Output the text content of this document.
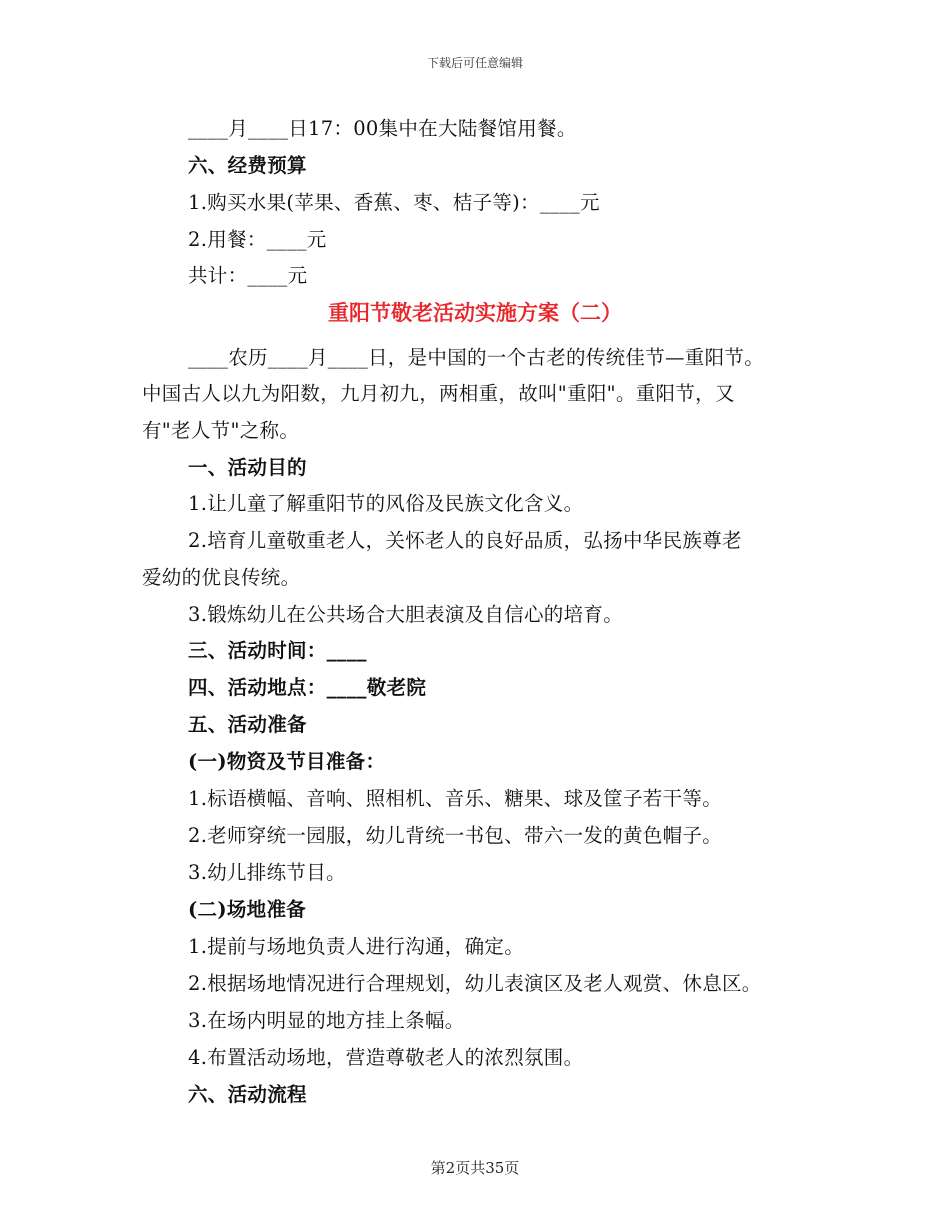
下载后可任意编辑
____月____日17：00集中在大陆餐馆用餐。
六、经费预算
1.购买水果(苹果、香蕉、枣、桔子等)：____元
2.用餐：____元
共计：____元
重阳节敬老活动实施方案（二）
____农历____月____日，是中国的一个古老的传统佳节—重阳节。
中国古人以九为阳数，九月初九，两相重，故叫"重阳"。重阳节，又
有"老人节"之称。
一、活动目的
1.让儿童了解重阳节的风俗及民族文化含义。
2.培育儿童敬重老人，关怀老人的良好品质，弘扬中华民族尊老
爱幼的优良传统。
3.锻炼幼儿在公共场合大胆表演及自信心的培育。
三、活动时间：____
四、活动地点：____敬老院
五、活动准备
(一)物资及节目准备：
1.标语横幅、音响、照相机、音乐、糖果、球及筐子若干等。
2.老师穿统一园服，幼儿背统一书包、带六一发的黄色帽子。
3.幼儿排练节目。
(二)场地准备
1.提前与场地负责人进行沟通，确定。
2.根据场地情况进行合理规划，幼儿表演区及老人观赏、休息区。
3.在场内明显的地方挂上条幅。
4.布置活动场地，营造尊敬老人的浓烈氛围。
六、活动流程
第2页共35页
